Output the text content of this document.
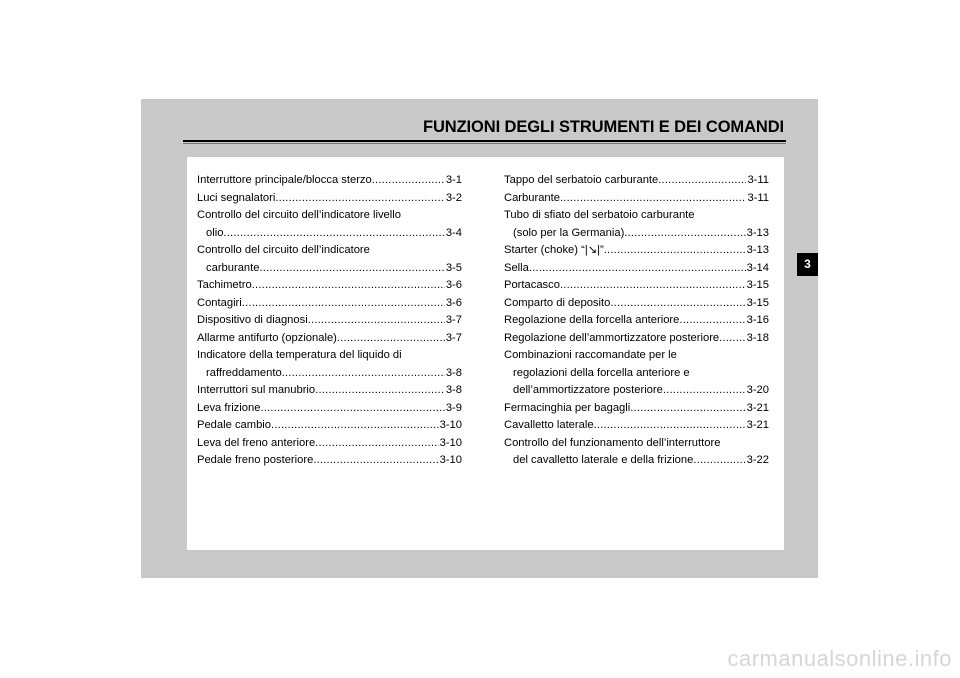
FUNZIONI DEGLI STRUMENTI E DEI COMANDI
3
Interruttore principale/blocca sterzo .....	3-1
Luci segnalatori .....	3-2
Controllo del circuito dell’indicatore livello
olio .....	3-4
Controllo del circuito dell’indicatore
carburante .....	3-5
Tachimetro .....	3-6
Contagiri .....	3-6
Dispositivo di diagnosi .....	3-7
Allarme antifurto (opzionale) .....	3-7
Indicatore della temperatura del liquido di
raffreddamento .....	3-8
Interruttori sul manubrio .....	3-8
Leva frizione .....	3-9
Pedale cambio .....	3-10
Leva del freno anteriore .....	3-10
Pedale freno posteriore .....	3-10
Tappo del serbatoio carburante .....	3-11
Carburante .....	3-11
Tubo di sfiato del serbatoio carburante
(solo per la Germania) .....	3-13
Starter (choke) “|↘|” .....	3-13
Sella .....	3-14
Portacasco .....	3-15
Comparto di deposito .....	3-15
Regolazione della forcella anteriore .....	3-16
Regolazione dell’ammortizzatore posteriore ..... 3-18
Combinazioni raccomandate per le
regolazioni della forcella anteriore e
dell’ammortizzatore posteriore .....	3-20
Fermacinghia per bagagli .....	3-21
Cavalletto laterale .....	3-21
Controllo del funzionamento dell’interruttore
del cavalletto laterale e della frizione .....	3-22
carmanualsonline.info
